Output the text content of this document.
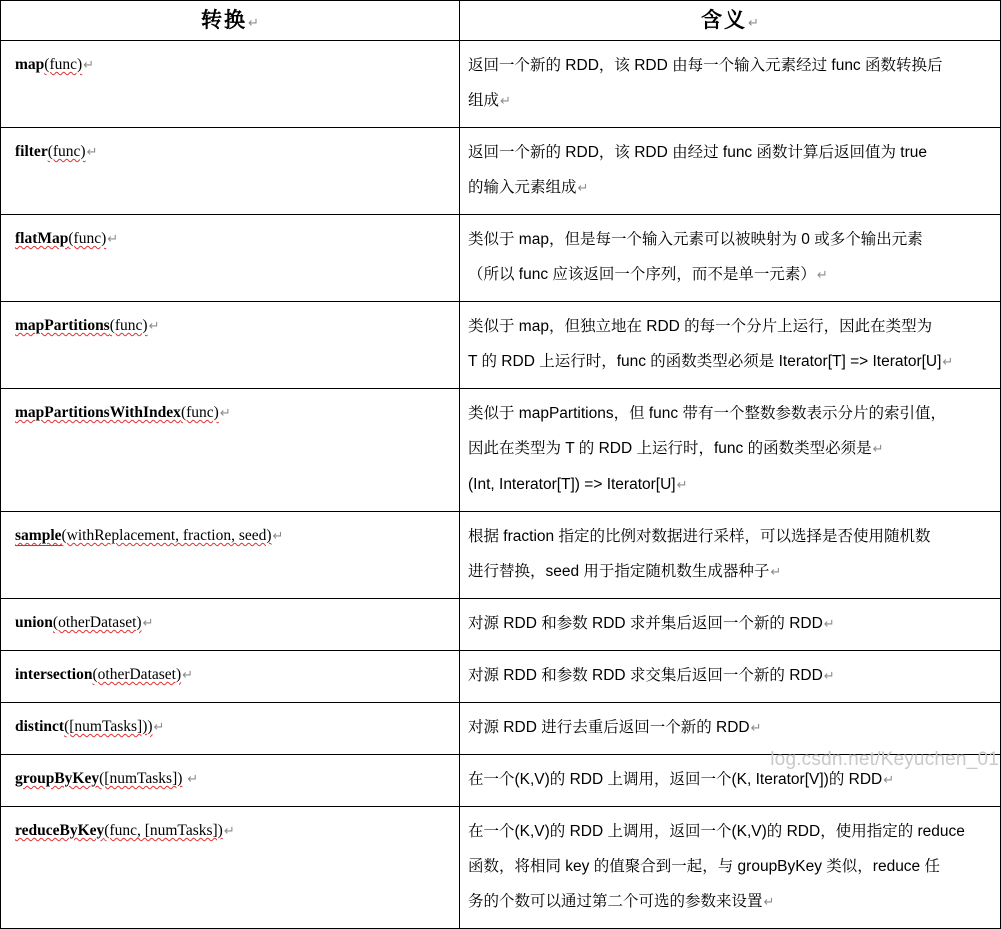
转换↵	含义↵
map(func)↵	返回一个新的 RDD，该 RDD 由每一个输入元素经过 func 函数转换后
组成↵

filter(func)↵	返回一个新的 RDD，该 RDD 由经过 func 函数计算后返回值为 true
的输入元素组成↵

flatMap(func)↵	类似于 map，但是每一个输入元素可以被映射为 0 或多个输出元素
（所以 func 应该返回一个序列，而不是单一元素）↵

mapPartitions(func)↵	类似于 map，但独立地在 RDD 的每一个分片上运行，因此在类型为
T 的 RDD 上运行时，func 的函数类型必须是 Iterator[T] => Iterator[U]↵

mapPartitionsWithIndex(func)↵	类似于 mapPartitions，但 func 带有一个整数参数表示分片的索引值，
因此在类型为 T 的 RDD 上运行时，func 的函数类型必须是↵
(Int, Interator[T]) => Iterator[U]↵

sample(withReplacement, fraction, seed)↵	根据 fraction 指定的比例对数据进行采样，可以选择是否使用随机数
进行替换，seed 用于指定随机数生成器种子↵

union(otherDataset)↵	对源 RDD 和参数 RDD 求并集后返回一个新的 RDD↵

intersection(otherDataset)↵	对源 RDD 和参数 RDD 求交集后返回一个新的 RDD↵

distinct([numTasks]))↵	对源 RDD 进行去重后返回一个新的 RDD↵

groupByKey([numTasks]) ↵	在一个(K,V)的 RDD 上调用，返回一个(K, Iterator[V])的 RDD↵

reduceByKey(func, [numTasks])↵	在一个(K,V)的 RDD 上调用，返回一个(K,V)的 RDD，使用指定的 reduce
函数，将相同 key 的值聚合到一起，与 groupByKey 类似，reduce 任
务的个数可以通过第二个可选的参数来设置↵
log.csdn.net/Keyuchen_01
